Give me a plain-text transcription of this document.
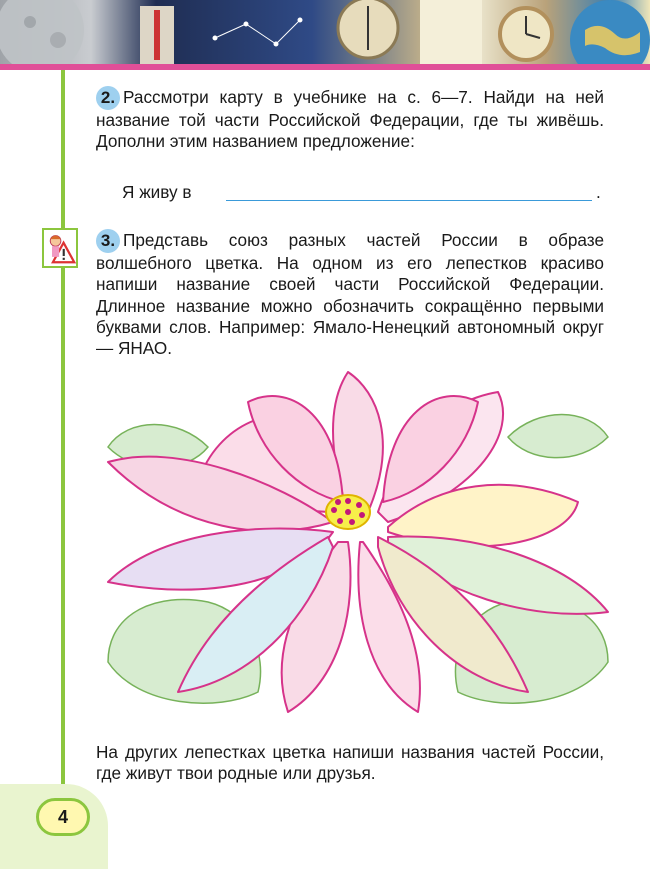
4
2. Рассмотри карту в учебнике на с. 6—7. Найди на ней название той части Российской Федерации, где ты живёшь. Дополни этим названием предложение:
Я живу в	.
3. Представь союз разных частей России в образе волшебного цветка. На одном из его лепестков красиво напиши название своей части Российской Федерации. Длинное название можно обозначить сокращённо первыми буквами слов. Например: Ямало-Ненецкий автономный округ — ЯНАО.
На других лепестках цветка напиши названия частей России, где живут твои родные или друзья.
